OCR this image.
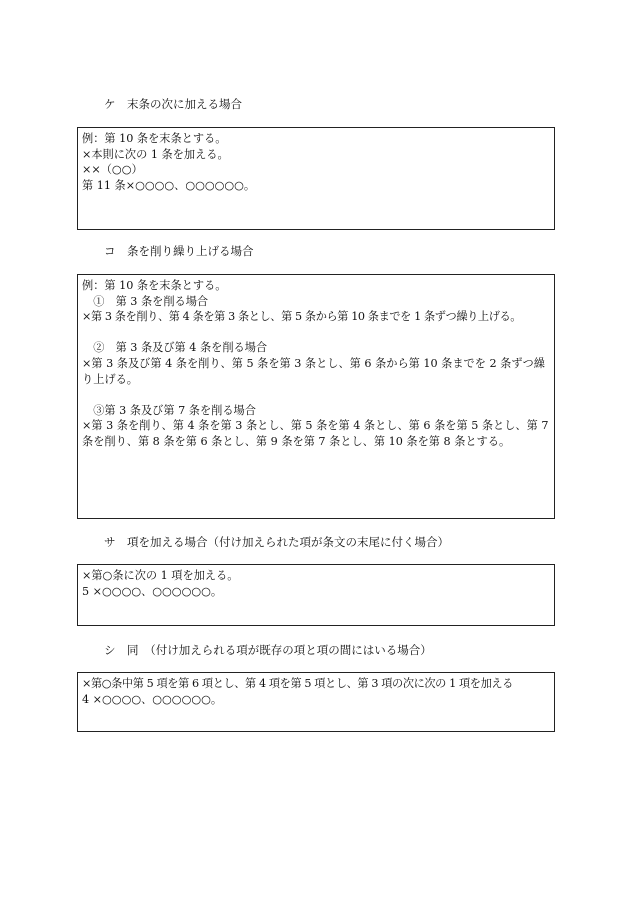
ケ　末条の次に加える場合
例：第 10 条を末条とする。
×本則に次の 1 条を加える。
××（○○）
第 11 条×○○○○、○○○○○○。
コ　条を削り繰り上げる場合
例：第 10 条を末条とする。
　①　第 3 条を削る場合
×第 3 条を削り、第 4 条を第 3 条とし、第 5 条から第 10 条までを 1 条ずつ繰り上げる。
　②　第 3 条及び第 4 条を削る場合
×第 3 条及び第 4 条を削り、第 5 条を第 3 条とし、第 6 条から第 10 条までを 2 条ずつ繰り上げる。
　③第 3 条及び第 7 条を削る場合
×第 3 条を削り、第 4 条を第 3 条とし、第 5 条を第 4 条とし、第 6 条を第 5 条とし、第 7 条を削り、第 8 条を第 6 条とし、第 9 条を第 7 条とし、第 10 条を第 8 条とする。
サ　項を加える場合（付け加えられた項が条文の末尾に付く場合）
×第○条に次の 1 項を加える。
5 ×○○○○、○○○○○○。
シ　同　（付け加えられる項が既存の項と項の間にはいる場合）
×第○条中第 5 項を第 6 項とし、第 4 項を第 5 項とし、第 3 項の次に次の 1 項を加える
4 ×○○○○、○○○○○○。
